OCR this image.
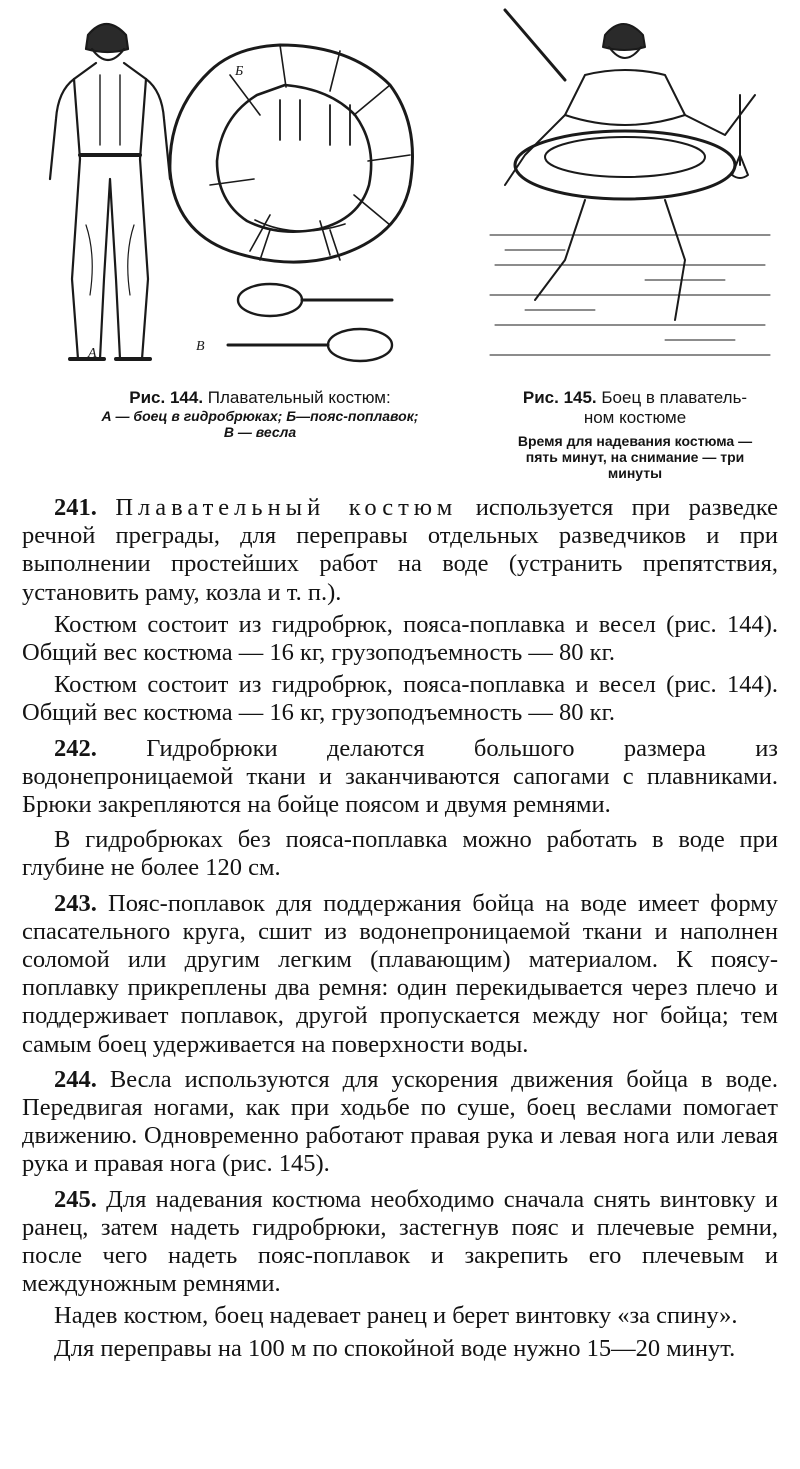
А
Б
В
Рис. 144. Плавательный костюм:
А — боец в гидробрюках; Б—пояс-поплавок;
В — весла
Рис. 145. Боец в плаватель-
ном костюме
Время для надевания костюма —
пять минут, на снимание — три
минуты

241. Плавательный костюм используется при разведке речной преграды, для переправы отдельных разведчиков и при выполнении простейших работ на воде (устранить препятствия, установить раму, козла и т. п.).

Костюм состоит из гидробрюк, пояса-поплавка и весел (рис. 144). Общий вес костюма — 16 кг, грузоподъемность — 80 кг.

Костюм состоит из гидробрюк, пояса-поплавка и весел (рис. 144). Общий вес костюма — 16 кг, грузоподъемность — 80 кг.

242. Гидробрюки делаются большого размера из водонепроницаемой ткани и заканчиваются сапогами с плавниками. Брюки закрепляются на бойце поясом и двумя ремнями.

В гидробрюках без пояса-поплавка можно работать в воде при глубине не более 120 см.

243. Пояс-поплавок для поддержания бойца на воде имеет форму спасательного круга, сшит из водонепроницаемой ткани и наполнен соломой или другим легким (плавающим) материалом. К поясу-поплавку прикреплены два ремня: один перекидывается через плечо и поддерживает поплавок, другой пропускается между ног бойца; тем самым боец удерживается на поверхности воды.

244. Весла используются для ускорения движения бойца в воде. Передвигая ногами, как при ходьбе по суше, боец веслами помогает движению. Одновременно работают правая рука и левая нога или левая рука и правая нога (рис. 145).

245. Для надевания костюма необходимо сначала снять винтовку и ранец, затем надеть гидробрюки, застегнув пояс и плечевые ремни, после чего надеть пояс-поплавок и закрепить его плечевым и междуножным ремнями.

Надев костюм, боец надевает ранец и берет винтовку «за спину».

Для переправы на 100 м по спокойной воде нужно 15—20 минут.
